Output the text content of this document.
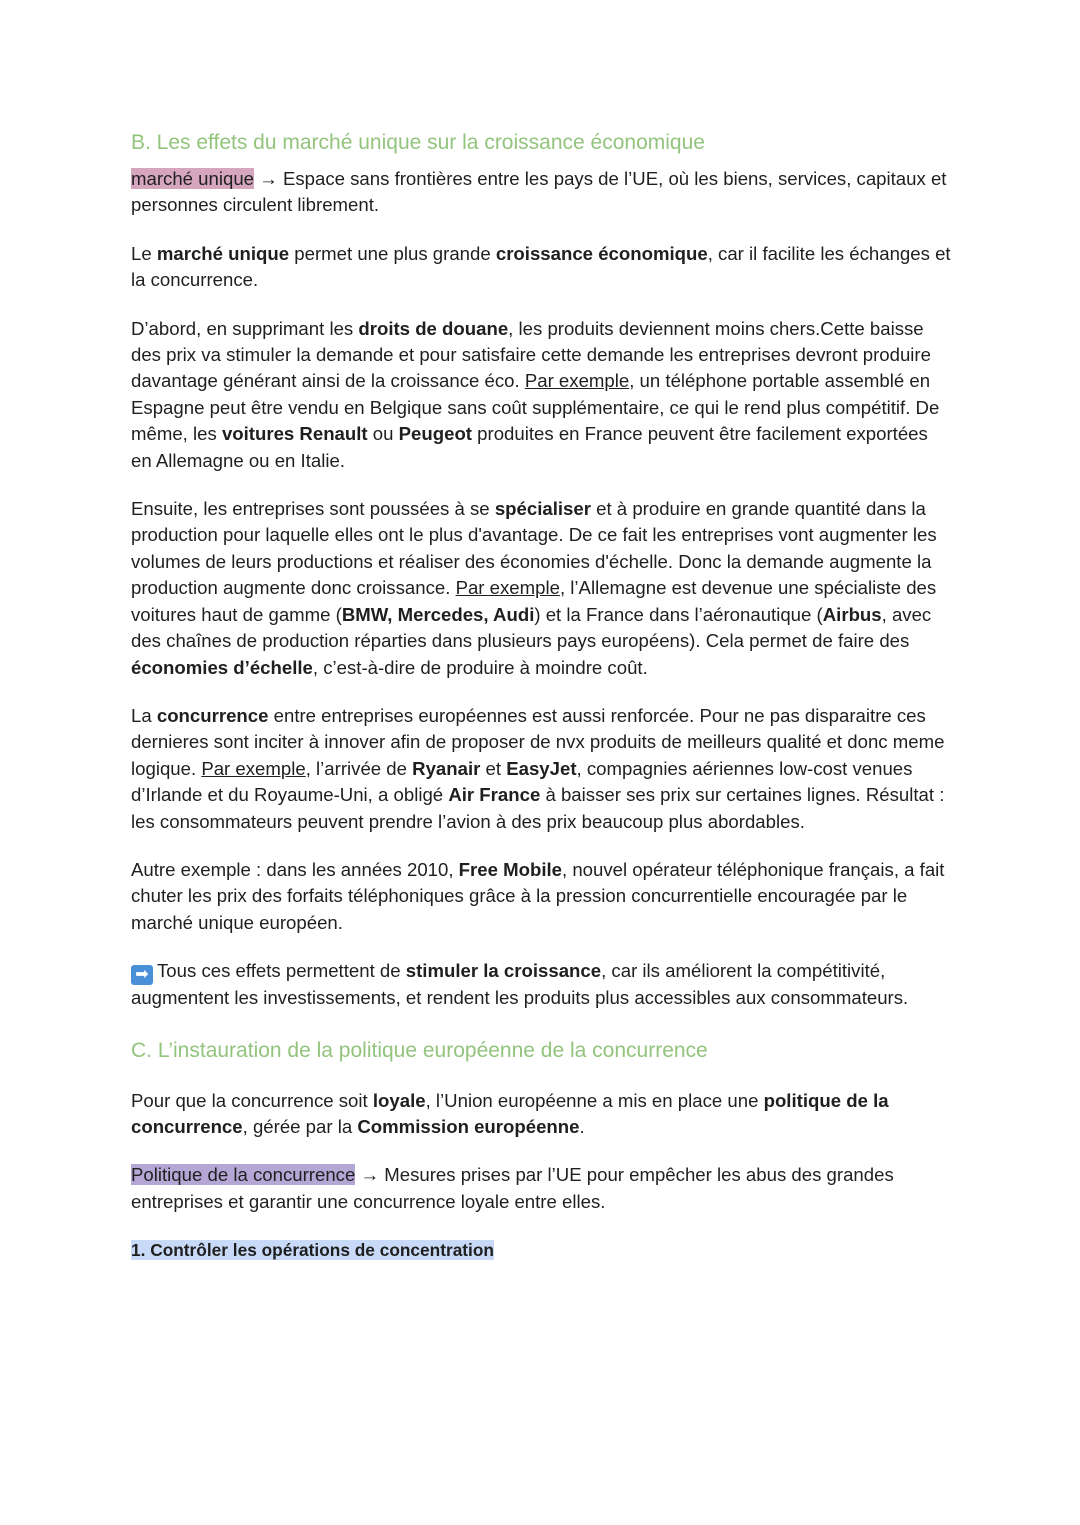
B. Les effets du marché unique sur la croissance économique

marché unique → Espace sans frontières entre les pays de l’UE, où les biens, services, capitaux et personnes circulent librement.

Le marché unique permet une plus grande croissance économique, car il facilite les échanges et la concurrence.

D’abord, en supprimant les droits de douane, les produits deviennent moins chers.Cette baisse des prix va stimuler la demande et pour satisfaire cette demande les entreprises devront produire davantage générant ainsi de la croissance éco. Par exemple, un téléphone portable assemblé en Espagne peut être vendu en Belgique sans coût supplémentaire, ce qui le rend plus compétitif. De même, les voitures Renault ou Peugeot produites en France peuvent être facilement exportées en Allemagne ou en Italie.

Ensuite, les entreprises sont poussées à se spécialiser et à produire en grande quantité dans la production pour laquelle elles ont le plus d'avantage. De ce fait les entreprises vont augmenter les volumes de leurs productions et réaliser des économies d'échelle. Donc la demande augmente la production augmente donc croissance. Par exemple, l’Allemagne est devenue une spécialiste des voitures haut de gamme (BMW, Mercedes, Audi) et la France dans l’aéronautique (Airbus, avec des chaînes de production réparties dans plusieurs pays européens). Cela permet de faire des économies d’échelle, c’est-à-dire de produire à moindre coût.

La concurrence entre entreprises européennes est aussi renforcée. Pour ne pas disparaitre ces dernieres sont inciter à innover afin de proposer de nvx produits de meilleurs qualité et donc meme logique. Par exemple, l’arrivée de Ryanair et EasyJet, compagnies aériennes low-cost venues d’Irlande et du Royaume-Uni, a obligé Air France à baisser ses prix sur certaines lignes. Résultat : les consommateurs peuvent prendre l’avion à des prix beaucoup plus abordables.

Autre exemple : dans les années 2010, Free Mobile, nouvel opérateur téléphonique français, a fait chuter les prix des forfaits téléphoniques grâce à la pression concurrentielle encouragée par le marché unique européen.

➡ Tous ces effets permettent de stimuler la croissance, car ils améliorent la compétitivité, augmentent les investissements, et rendent les produits plus accessibles aux consommateurs.

C. L’instauration de la politique européenne de la concurrence

Pour que la concurrence soit loyale, l’Union européenne a mis en place une politique de la concurrence, gérée par la Commission européenne.

Politique de la concurrence → Mesures prises par l’UE pour empêcher les abus des grandes entreprises et garantir une concurrence loyale entre elles.

1. Contrôler les opérations de concentration
